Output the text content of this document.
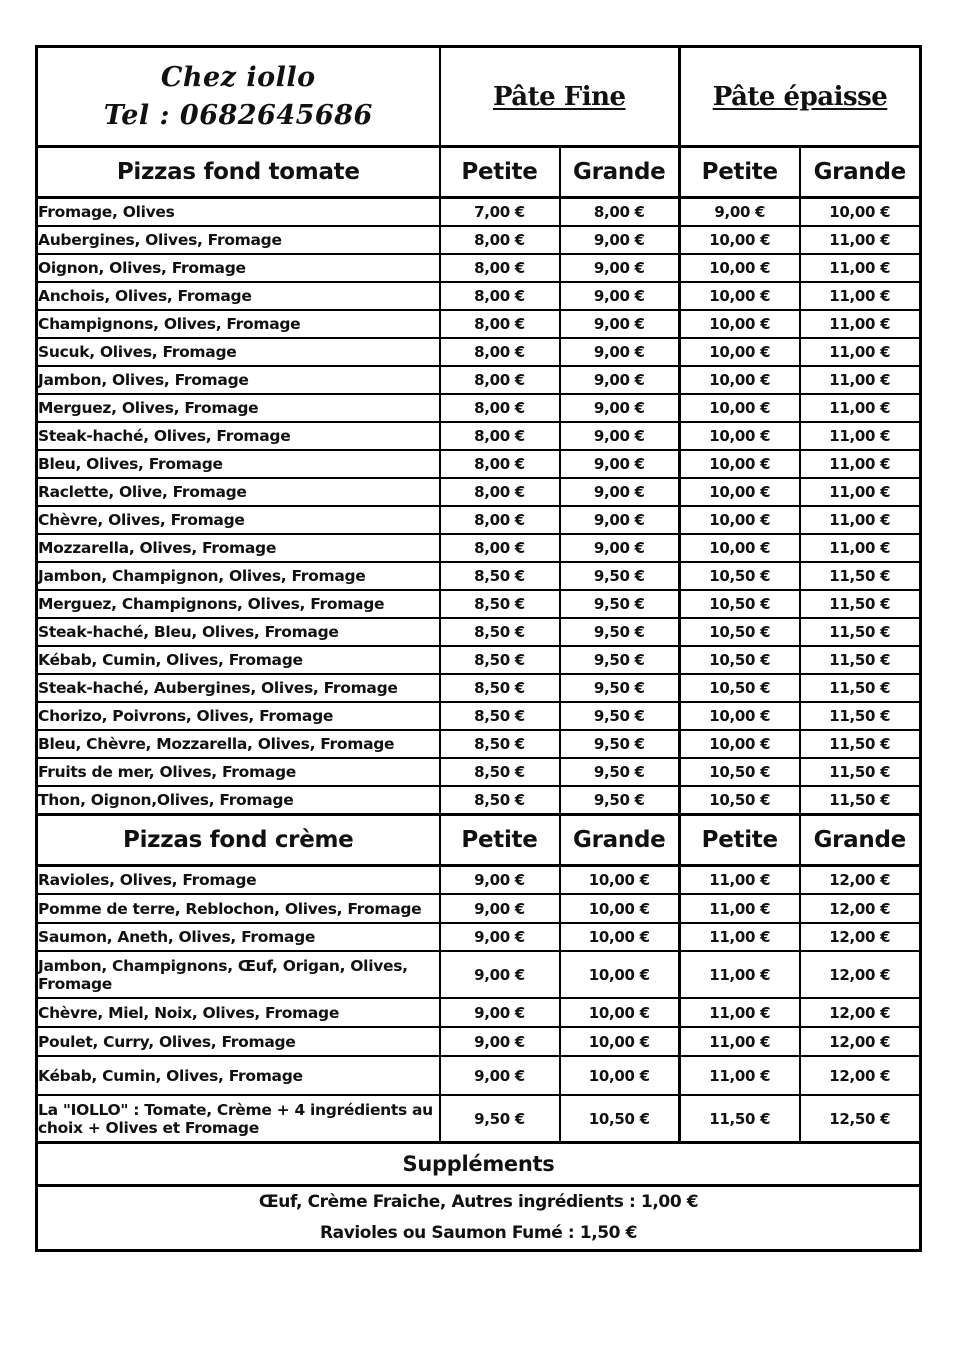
Chez iollo
Tel : 0682645686	Pâte Fine		Pâte épaisse	
Pizzas fond tomate	Petite	Grande	Petite	Grande
Fromage, Olives	7,00 €	8,00 €	9,00 €	10,00 €
Aubergines, Olives, Fromage	8,00 €	9,00 €	10,00 €	11,00 €
Oignon, Olives, Fromage	8,00 €	9,00 €	10,00 €	11,00 €
Anchois, Olives, Fromage	8,00 €	9,00 €	10,00 €	11,00 €
Champignons, Olives, Fromage	8,00 €	9,00 €	10,00 €	11,00 €
Sucuk, Olives, Fromage	8,00 €	9,00 €	10,00 €	11,00 €
Jambon, Olives, Fromage	8,00 €	9,00 €	10,00 €	11,00 €
Merguez, Olives, Fromage	8,00 €	9,00 €	10,00 €	11,00 €
Steak-haché, Olives, Fromage	8,00 €	9,00 €	10,00 €	11,00 €
Bleu, Olives, Fromage	8,00 €	9,00 €	10,00 €	11,00 €
Raclette, Olive, Fromage	8,00 €	9,00 €	10,00 €	11,00 €
Chèvre, Olives, Fromage	8,00 €	9,00 €	10,00 €	11,00 €
Mozzarella, Olives, Fromage	8,00 €	9,00 €	10,00 €	11,00 €
Jambon, Champignon, Olives, Fromage	8,50 €	9,50 €	10,50 €	11,50 €
Merguez, Champignons, Olives, Fromage	8,50 €	9,50 €	10,50 €	11,50 €
Steak-haché, Bleu, Olives, Fromage	8,50 €	9,50 €	10,50 €	11,50 €
Kébab, Cumin, Olives, Fromage	8,50 €	9,50 €	10,50 €	11,50 €
Steak-haché, Aubergines, Olives, Fromage	8,50 €	9,50 €	10,50 €	11,50 €
Chorizo, Poivrons, Olives, Fromage	8,50 €	9,50 €	10,00 €	11,50 €
Bleu, Chèvre, Mozzarella, Olives, Fromage	8,50 €	9,50 €	10,00 €	11,50 €
Fruits de mer, Olives, Fromage	8,50 €	9,50 €	10,50 €	11,50 €
Thon, Oignon,Olives, Fromage	8,50 €	9,50 €	10,50 €	11,50 €
Pizzas fond crème	Petite	Grande	Petite	Grande
Ravioles, Olives, Fromage	9,00 €	10,00 €	11,00 €	12,00 €
Pomme de terre, Reblochon, Olives, Fromage	9,00 €	10,00 €	11,00 €	12,00 €
Saumon, Aneth, Olives, Fromage	9,00 €	10,00 €	11,00 €	12,00 €
Jambon, Champignons, Œuf, Origan, Olives, Fromage	9,00 €	10,00 €	11,00 €	12,00 €
Chèvre, Miel, Noix, Olives, Fromage	9,00 €	10,00 €	11,00 €	12,00 €
Poulet, Curry, Olives, Fromage	9,00 €	10,00 €	11,00 €	12,00 €
Kébab, Cumin, Olives, Fromage	9,00 €	10,00 €	11,00 €	12,00 €
La "IOLLO" : Tomate, Crème + 4 ingrédients au choix + Olives et Fromage	9,50 €	10,50 €	11,50 €	12,50 €
Suppléments				

Œuf, Crème Fraiche, Autres ingrédients : 1,00 €
Ravioles ou Saumon Fumé : 1,50 €				
